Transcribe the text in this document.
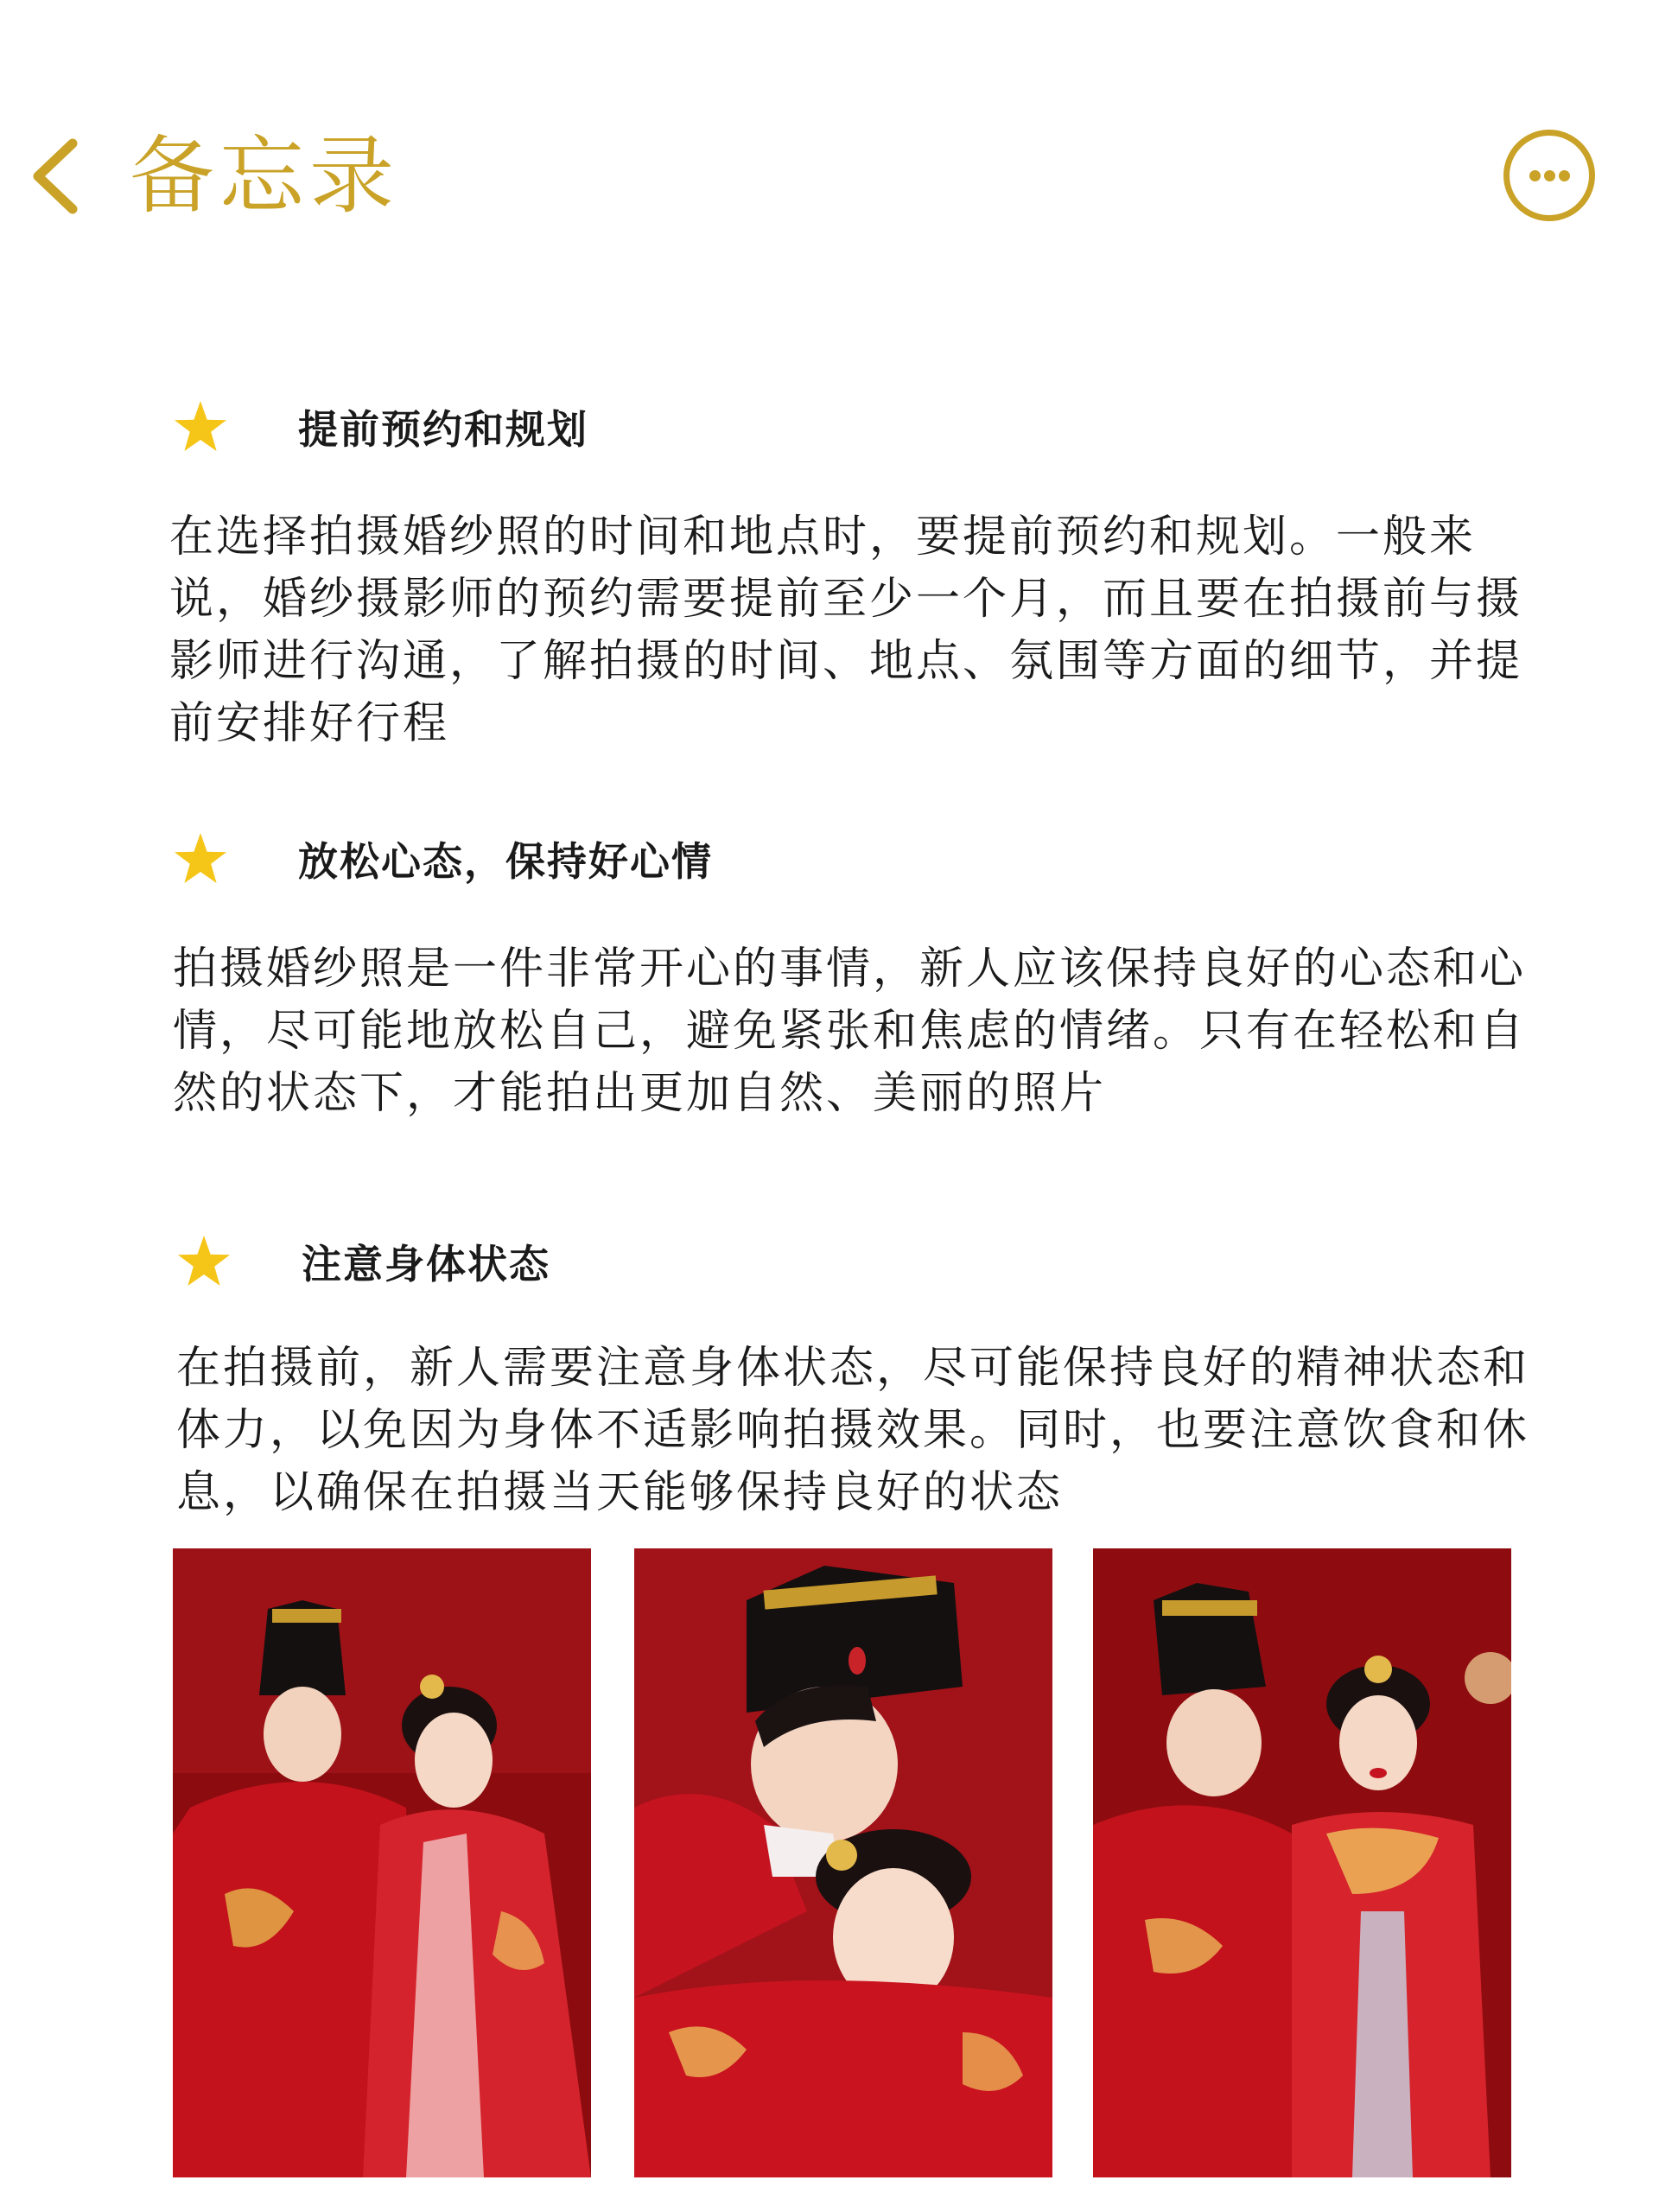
备忘录
提前预约和规划

在选择拍摄婚纱照的时间和地点时，要提前预约和规划。一般来说，婚纱摄影师的预约需要提前至少一个月，而且要在拍摄前与摄影师进行沟通，了解拍摄的时间、地点、氛围等方面的细节，并提前安排好行程

放松心态，保持好心情

拍摄婚纱照是一件非常开心的事情，新人应该保持良好的心态和心情，尽可能地放松自己，避免紧张和焦虑的情绪。只有在轻松和自然的状态下，才能拍出更加自然、美丽的照片

注意身体状态

在拍摄前，新人需要注意身体状态，尽可能保持良好的精神状态和体力，以免因为身体不适影响拍摄效果。同时，也要注意饮食和休息，以确保在拍摄当天能够保持良好的状态
